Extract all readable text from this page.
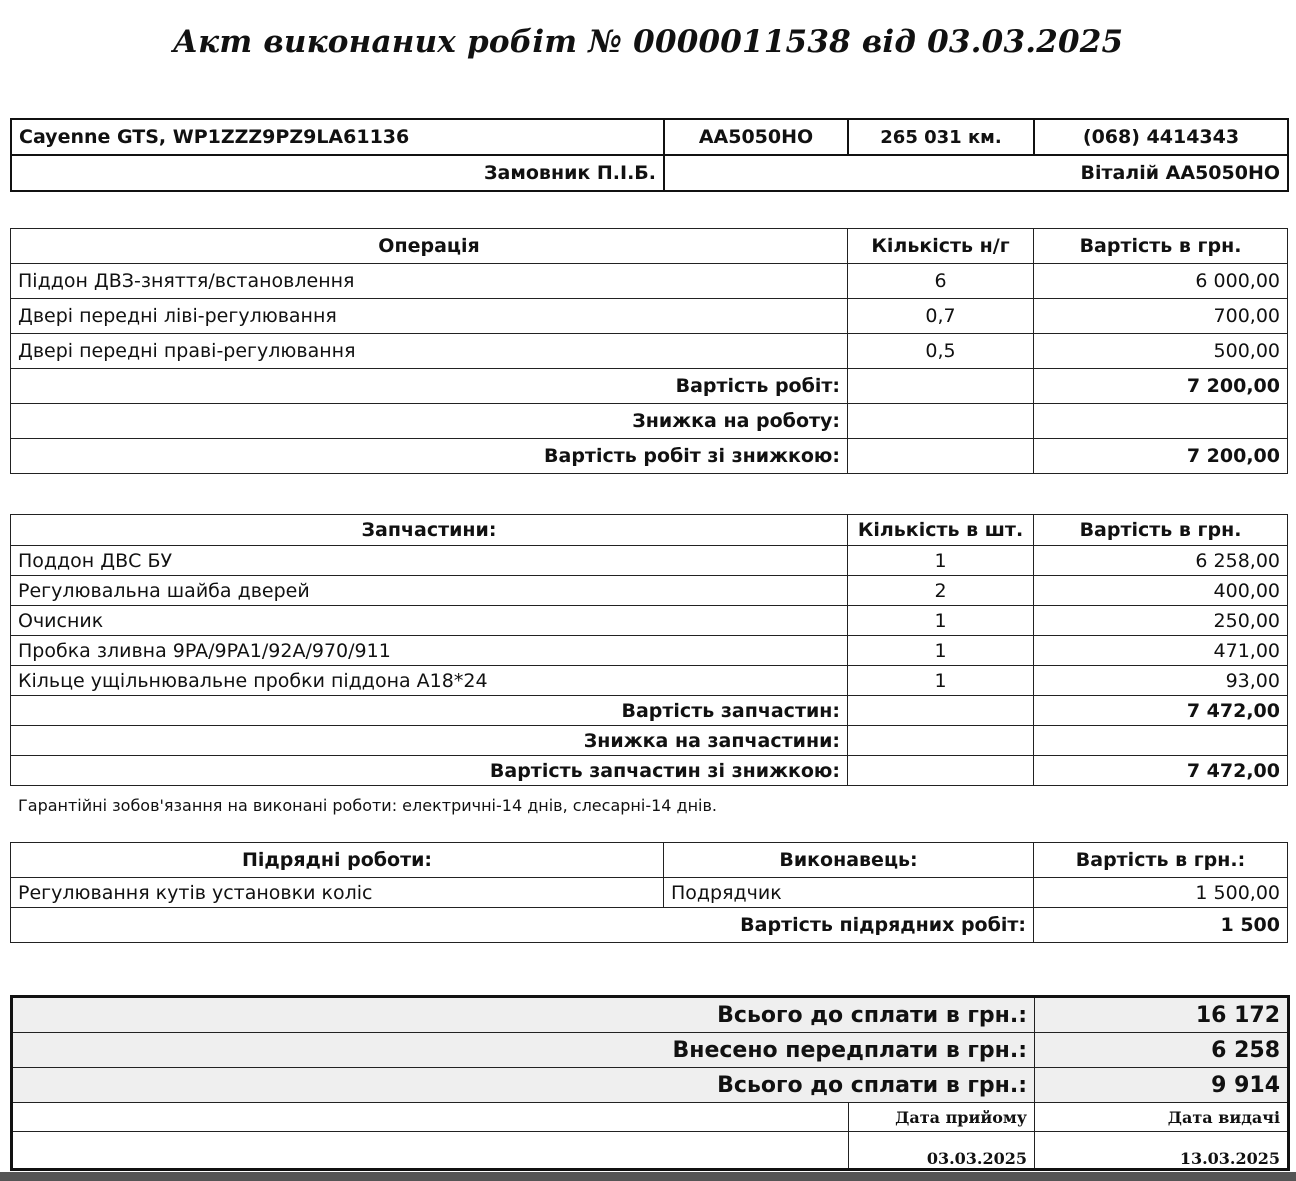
Акт виконаних робіт № 0000011538 від 03.03.2025
Cayenne GTS, WP1ZZZ9PZ9LA61136	AA5050HO	265 031 км.	(068) 4414343
Замовник П.І.Б.	Віталій АА5050НО		
Операція	Кількість н/г	Вартість в грн.
Піддон ДВЗ-зняття/встановлення	6	6 000,00
Двері передні ліві-регулювання	0,7	700,00
Двері передні праві-регулювання	0,5	500,00
Вартість робіт:		7 200,00
Знижка на роботу:		
Вартість робіт зі знижкою:		7 200,00
Запчастини:	Кількість в шт.	Вартість в грн.
Поддон ДВС БУ	1	6 258,00
Регулювальна шайба дверей	2	400,00
Очисник	1	250,00
Пробка зливна 9PA/9PA1/92A/970/911	1	471,00
Кільце ущільнювальне пробки піддона A18*24	1	93,00
Вартість запчастин:		7 472,00
Знижка на запчастини:		
Вартість запчастин зі знижкою:		7 472,00
Гарантійні зобов'язання на виконані роботи: електричні-14 днів, слесарні-14 днів.
Підрядні роботи:	Виконавець:	Вартість в грн.:
Регулювання кутів установки коліс	Подрядчик	1 500,00
Вартість підрядних робіт:		1 500
Всього до сплати в грн.:		16 172
Внесено передплати в грн.:		6 258
Всього до сплати в грн.:		9 914
	Дата прийому	Дата видачі
	03.03.2025	13.03.2025
